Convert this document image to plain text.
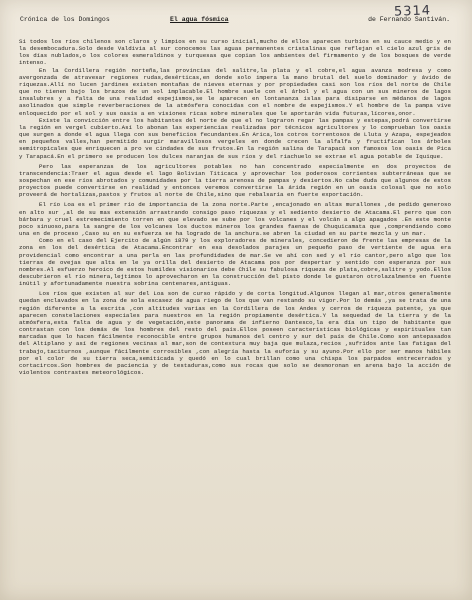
5314
Crónica de los Domingos	El agua fósmica	de Fernando Santiván.

Si todos los ríos chilenos son claros y limpios en su curso inicial,mucho de ellos aparecen turbios en su cauce medio y en la desembocadura.Solo desde Valdivia al sur conocemos las aguas permanentes cristalinas que reflejan el cielo azul gris de los días nublados,o los colores esmeraldinos y turquesas que copian los ambientes del firmamento y de los bosques de verde intenso.

En la Cordillera región norteña,las provincias del salitre,la plata y el cobre,el agua avanza modresa y como avergonzada de atravesar regiones rudas,desérticas,en donde solo impera la mano brutal del suelo dominador y ávido de riquezas.Allí no lucen jardines existen montañas de nieves eternas y por propiedades casi son los ríos del norte de Chile que no tienen bajo los brazos de un sol implacable.El hombre suele con el árbol y el agua con un sus mineros de lagos insalubres y a falta de una realidad espejismos,se le aparecen en lontananza islas para disiparse en médanos de lagos asolinados que simple reverberaciones de la atmósfera conocidas con el nombre de espejismos.Y el hombre de la pampa vive enloquecido por el sol y sus oasis a en visiones ricas sobre minerales que le aportarán vida futuras,lícores,onor.

Existe la convicción entre los habitantes del norte de que el no lograron regar las pampas y estepas,podrá convertirse la región en vergel cubierto.Así lo abonan las experiencias realizadas por técnicos agricultores y lo comprueban los oasis que surgen a donde el agua llega con sus beneficios fecundantes.En Arica,los cotros torrentosos de Lluta y Azapa, espejeados en pequeños valles,han permitido surgir maravillosos vergeles en donde crecen la alfalfa y fructifican los árboles semitropicales que enriquecen a pro ve cindades de sus frutos.En la región salina de Tarapacá son famosos los oasis de Pica y Tarapacá.En el primero se producen los dulces naranjas de sus ríos y del riachuelo se extrae el agua potable de Iquique.

Pero las esperanzas de los agricultores potables no han concentrado especialmente en dos proyectos de transcendencia:Traer el agua desde el lago Bolivian Titicaca y aprovechar los poderosos corrientes subterráneas que se sospechan en ese ríos abrotados y comunidades por la tierra arenosa de pampas y desiertos.No cabe duda que algunos de estos proyectos puede convertirse en realidad y entonces veremos convertirse la árida región en un oasis colosal que no solo proveerá de hortalizas,pastos y frutos al norte de Chile,sino que rebalsaría en fuerte exportación.

El río Loa es el primer río de importancia de la zona norte.Parte ,encajonado en altas murallones ,de pedido generoso en alto sur ,al de su mas extensión arrastrando consigo paso riquezas y el sediento desierto de Atacama.El perro que con bárbara y cruel estremecimiento torren en que elevado se sube por los volcanes y el volcán a algo apagados .En este monte poco sinuoso,para la sangre de los volcanes los ductos mineros los grandes faenas de Chuquicamata que ,comprendiendo como una en de proceso ,Caso su en su esfuerza se ha logrado de la anchura.se abren la ciudad en su parte mezcla y un mar.

Como en el caso del Ejercito de algún 1879 y los exploradores de minerales, concedieron de frente las empresas de la zona en los del desértica de Atacama.Encontrar en esa desolados parajes un pequeño paso de vertiente de agua era providencial como encontrar a una perla en las profundidades de mar.Se ve ahí con sed y el río cantor,pero algo que los tierras de ovejas que alta en le ya orilla del desierto de Atacama pos por despertar y sentido con esperanza por sus nombres.Al esfuerzo heroico de estos humildes visionarios debe Chile su fabulosa riqueza de plata,cobre,salitre y yodo.Ellos descubrieron el río minera,lejtimos lo aprovecharon en la construcción del pisto donde le gustaron otrolazalmente en fuente inútil y afortunadamente nuestra sobrina centenares,antiguas.

Los ríos que existen al sur del Loa son de curso rápido y de corta longitud.Algunos llegan al mar,otros generalmente quedan enclavados en la zona de sola escasez de agua riego de los que van restando su vigor.Por lo demás ,ya se trata de una región diferente a la escrita ,con altitudes varias en la Cordillera de los Andes y cerros de riqueza patente, ya que aparecen constelaciones especiales para nuestros en la región propiamente desértica.Y la sequedad de la tierra y de la atmósfera,esta falta de agua y de vegetación,este panorama de infierno Dantesco,la era día un tipo de habitante que contrastan con los demás de los hombres del resto del país.Ellos poseen caracteristicas biológicas y espirituales tan marcadas que lo hacen fácilmente reconocible entre grupos humanos del centro y sur del país de Chile.Como son antepasados del Altiplano y así de regiones vecinas al mar,son de contextura muy baja que mulaza,recios ,sufridos ante las fatigas del trabajo,taciturnos ,aunque fácilmente corrosibles ,con alegría hasta la euforia y su ayuno.Por ello por ser manos hábiles por el color de su tierra seca,semiticada y quedó en lo cual brillan como una chispa los parpados entrecerrados y cortacircos.Son hombres de paciencia y de testaduras,como sus rocas que solo se desmoronan en arena bajo la acción de violentos contrastes meteorológicos.
